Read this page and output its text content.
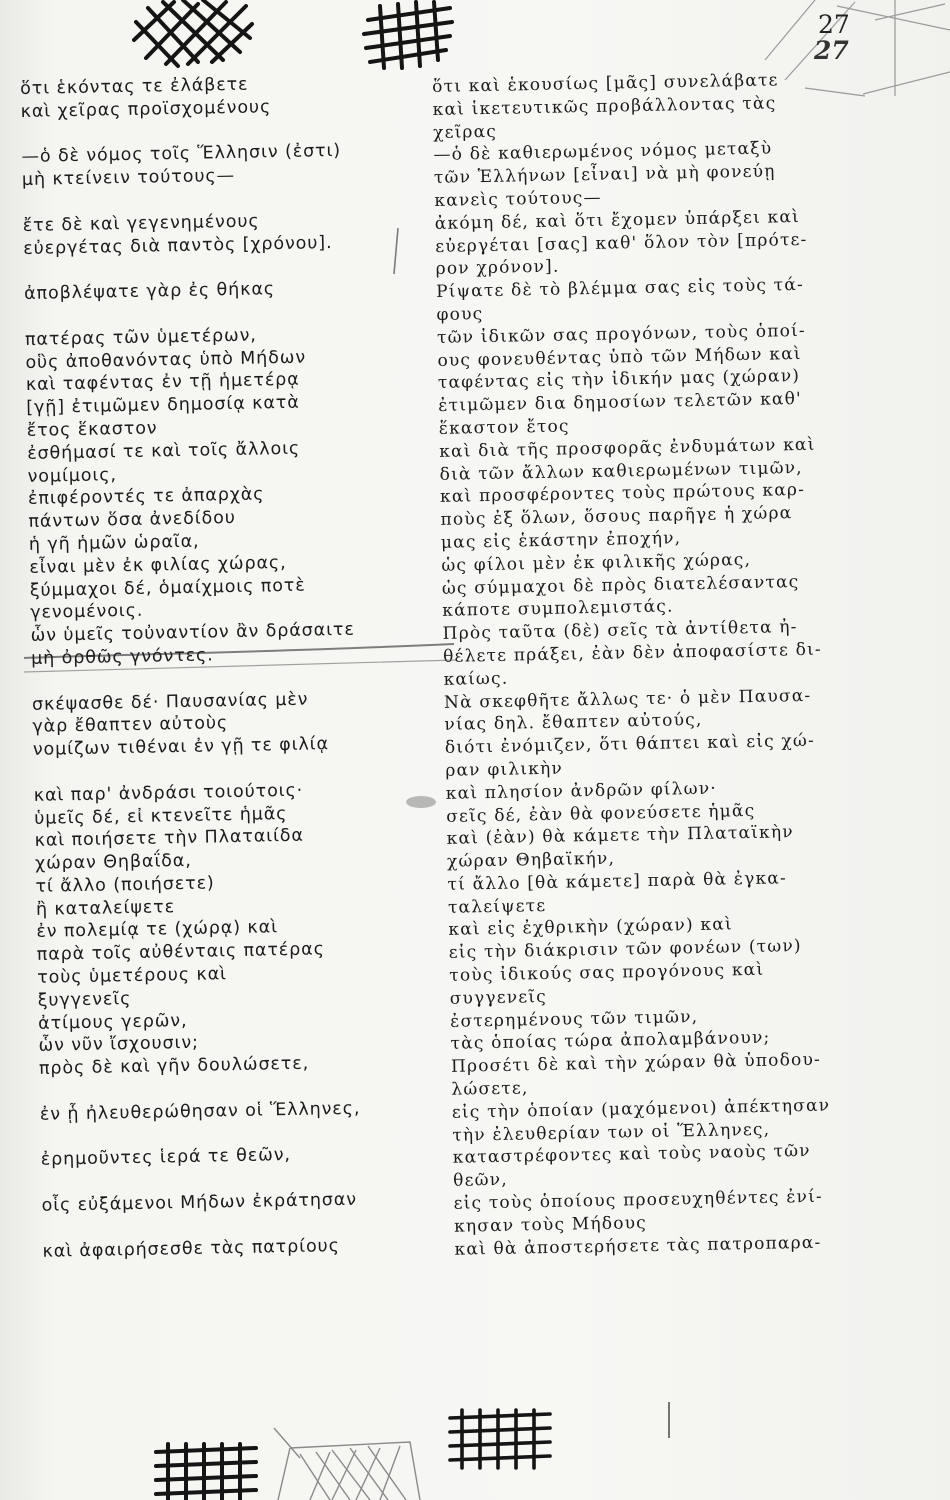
27
27
ὅτι ἑκόντας τε ἐλάβετε
καὶ χεῖρας προϊσχομένους
—ὁ δὲ νόμος τοῖς Ἕλλησιν (ἐστι)
μὴ κτείνειν τούτους—
ἔτε δὲ καὶ γεγενημένους
εὐεργέτας διὰ παντὸς [χρόνου].
ἀποβλέψατε γὰρ ἐς θήκας
πατέρας τῶν ὑμετέρων,
οὓς ἀποθανόντας ὑπὸ Μήδων
καὶ ταφέντας ἐν τῇ ἡμετέρᾳ
[γῇ] ἐτιμῶμεν δημοσίᾳ κατὰ
ἔτος ἕκαστον
ἐσθήμασί τε καὶ τοῖς ἄλλοις
νομίμοις,
ἐπιφέροντές τε ἀπαρχὰς
πάντων ὅσα ἀνεδίδου
ἡ γῆ ἡμῶν ὡραῖα,
εἶναι μὲν ἐκ φιλίας χώρας,
ξύμμαχοι δέ, ὁμαίχμοις ποτὲ
γενομένοις.
ὧν ὑμεῖς τοὐναντίον ἂν δράσαιτε
μὴ ὀρθῶς γνόντες.
σκέψασθε δέ· Παυσανίας μὲν
γὰρ ἔθαπτεν αὐτοὺς
νομίζων τιθέναι ἐν γῇ τε φιλίᾳ
καὶ παρ' ἀνδράσι τοιούτοις·
ὑμεῖς δέ, εἰ κτενεῖτε ἡμᾶς
καὶ ποιήσετε τὴν Πλαταιίδα
χώραν Θηβαΐδα,
τί ἄλλο (ποιήσετε)
ἢ καταλείψετε
ἐν πολεμίᾳ τε (χώρᾳ) καὶ
παρὰ τοῖς αὐθένταις πατέρας
τοὺς ὑμετέρους καὶ
ξυγγενεῖς
ἀτίμους γερῶν,
ὧν νῦν ἴσχουσιν;
πρὸς δὲ καὶ γῆν δουλώσετε,
ἐν ᾗ ἠλευθερώθησαν οἱ Ἕλληνες,
ἐρημοῦντες ἱερά τε θεῶν,
οἷς εὐξάμενοι Μήδων ἐκράτησαν
καὶ ἀφαιρήσεσθε τὰς πατρίους
ὅτι καὶ ἑκουσίως [μᾶς] συνελάβατε
καὶ ἱκετευτικῶς προβάλλοντας τὰς
χεῖρας
—ὁ δὲ καθιερωμένος νόμος μεταξὺ
τῶν Ἑλλήνων [εἶναι] νὰ μὴ φονεύῃ
κανεὶς τούτους—
ἀκόμη δέ, καὶ ὅτι ἔχομεν ὑπάρξει καὶ
εὐεργέται [σας] καθ' ὅλον τὸν [πρότε-
ρον χρόνον].
Ρίψατε δὲ τὸ βλέμμα σας εἰς τοὺς τά-
φους
τῶν ἰδικῶν σας προγόνων, τοὺς ὁποί-
ους φονευθέντας ὑπὸ τῶν Μήδων καὶ
ταφέντας εἰς τὴν ἰδικήν μας (χώραν)
ἐτιμῶμεν δια δημοσίων τελετῶν καθ'
ἕκαστον ἔτος
καὶ διὰ τῆς προσφορᾶς ἐνδυμάτων καὶ
διὰ τῶν ἄλλων καθιερωμένων τιμῶν,
καὶ προσφέροντες τοὺς πρώτους καρ-
ποὺς ἐξ ὅλων, ὅσους παρῆγε ἡ χώρα
μας εἰς ἑκάστην ἐποχήν,
ὡς φίλοι μὲν ἐκ φιλικῆς χώρας,
ὡς σύμμαχοι δὲ πρὸς διατελέσαντας
κάποτε συμπολεμιστάς.
Πρὸς ταῦτα (δὲ) σεῖς τὰ ἀντίθετα ἠ-
θέλετε πράξει, ἐὰν δὲν ἀποφασίστε δι-
καίως.
Νὰ σκεφθῆτε ἄλλως τε· ὁ μὲν Παυσα-
νίας δηλ. ἔθαπτεν αὐτούς,
διότι ἐνόμιζεν, ὅτι θάπτει καὶ εἰς χώ-
ραν φιλικὴν
καὶ πλησίον ἀνδρῶν φίλων·
σεῖς δέ, ἐὰν θὰ φονεύσετε ἡμᾶς
καὶ (ἐὰν) θὰ κάμετε τὴν Πλαταϊκὴν
χώραν Θηβαϊκήν,
τί ἄλλο [θὰ κάμετε] παρὰ θὰ ἐγκα-
ταλείψετε
καὶ εἰς ἐχθρικὴν (χώραν) καὶ
εἰς τὴν διάκρισιν τῶν φονέων (των)
τοὺς ἰδικούς σας προγόνους καὶ
συγγενεῖς
ἐστερημένους τῶν τιμῶν,
τὰς ὁποίας τώρα ἀπολαμβάνουν;
Προσέτι δὲ καὶ τὴν χώραν θὰ ὑποδου-
λώσετε,
εἰς τὴν ὁποίαν (μαχόμενοι) ἀπέκτησαν
τὴν ἐλευθερίαν των οἱ Ἕλληνες,
καταστρέφοντες καὶ τοὺς ναοὺς τῶν
θεῶν,
εἰς τοὺς ὁποίους προσευχηθέντες ἐνί-
κησαν τοὺς Μήδους
καὶ θὰ ἀποστερήσετε τὰς πατροπαρα-
